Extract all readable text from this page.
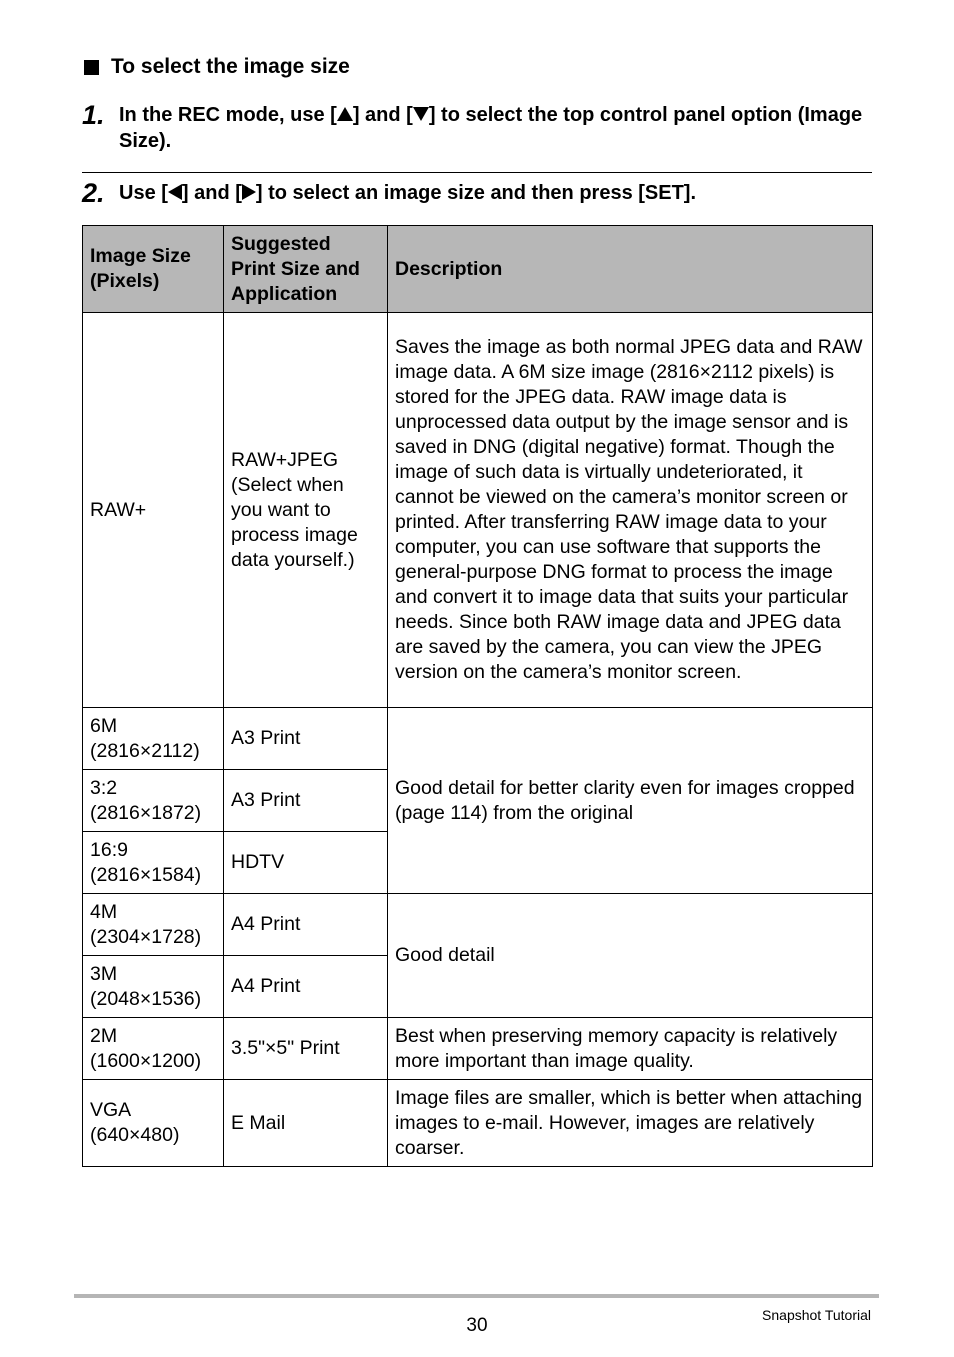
To select the image size
1. In the REC mode, use [ ] and [ ] to select the top control panel option (Image Size).
2. Use [ ] and [ ] to select an image size and then press [SET].
Image Size (Pixels)	Suggested Print Size and Application	Description
RAW+	RAW+JPEG (Select when you want to process image data yourself.)	Saves the image as both normal JPEG data and RAW image data. A 6M size image (2816×2112 pixels) is stored for the JPEG data. RAW image data is unprocessed data output by the image sensor and is saved in DNG (digital negative) format. Though the image of such data is virtually undeteriorated, it cannot be viewed on the camera’s monitor screen or printed. After transferring RAW image data to your computer, you can use software that supports the general-purpose DNG format to process the image and convert it to image data that suits your particular needs. Since both RAW image data and JPEG data are saved by the camera, you can view the JPEG version on the camera’s monitor screen.
6M (2816×2112)	A3 Print	Good detail for better clarity even for images cropped (page 114) from the original
3:2 (2816×1872)	A3 Print	
16:9 (2816×1584)	HDTV	
4M (2304×1728)	A4 Print	Good detail
3M (2048×1536)	A4 Print	
2M (1600×1200)	3.5"×5" Print	Best when preserving memory capacity is relatively more important than image quality.
VGA (640×480)	E Mail	Image files are smaller, which is better when attaching images to e-mail. However, images are relatively coarser.
30	Snapshot Tutorial
